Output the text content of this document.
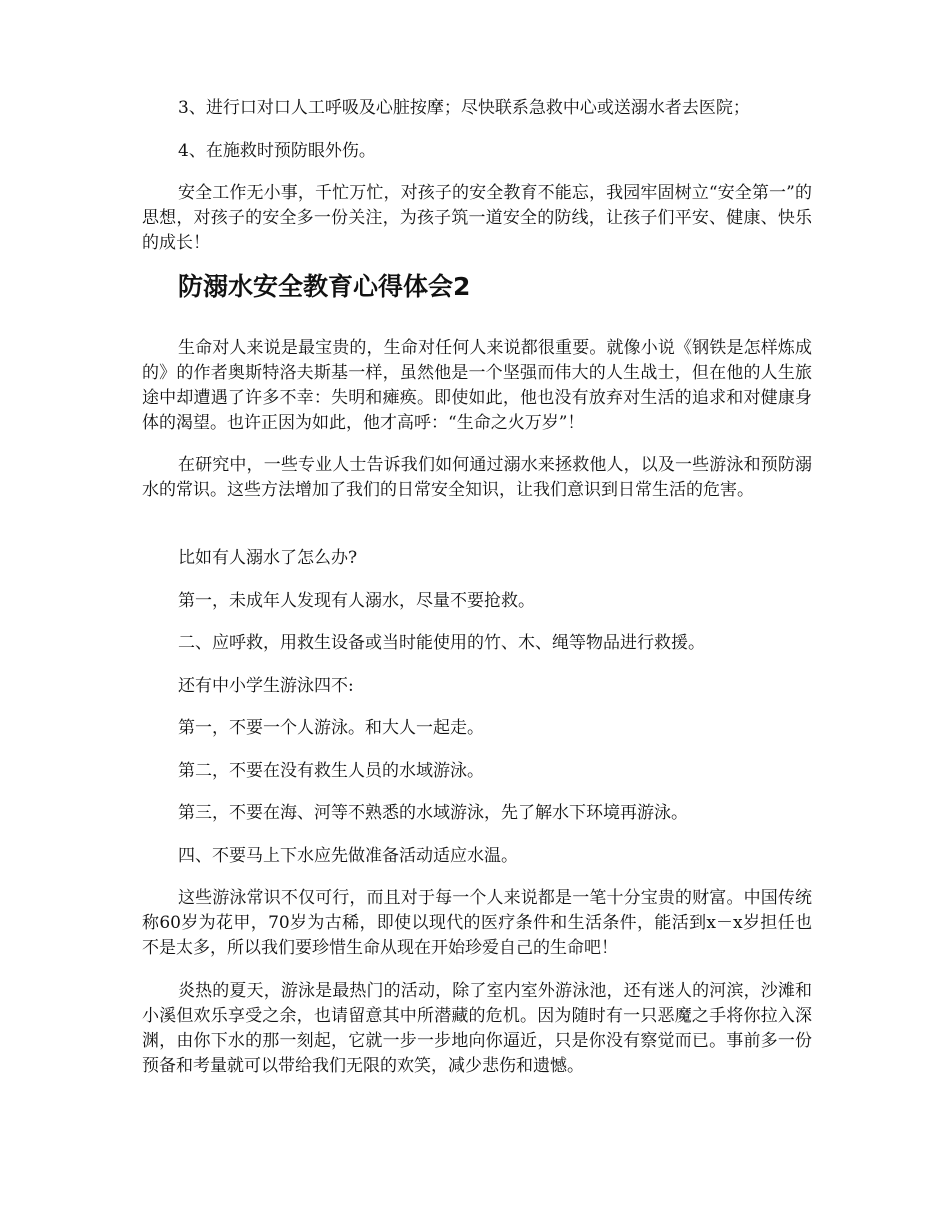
3、进行口对口人工呼吸及心脏按摩；尽快联系急救中心或送溺水者去医院；

4、在施救时预防眼外伤。

安全工作无小事，千忙万忙，对孩子的安全教育不能忘，我园牢固树立“安全第一”的思想，对孩子的安全多一份关注，为孩子筑一道安全的防线，让孩子们平安、健康、快乐的成长！

防溺水安全教育心得体会2

生命对人来说是最宝贵的，生命对任何人来说都很重要。就像小说《钢铁是怎样炼成的》的作者奥斯特洛夫斯基一样，虽然他是一个坚强而伟大的人生战士，但在他的人生旅途中却遭遇了许多不幸：失明和瘫痪。即使如此，他也没有放弃对生活的追求和对健康身体的渴望。也许正因为如此，他才高呼：“生命之火万岁”！

在研究中，一些专业人士告诉我们如何通过溺水来拯救他人，以及一些游泳和预防溺水的常识。这些方法增加了我们的日常安全知识，让我们意识到日常生活的危害。

比如有人溺水了怎么办?

第一，未成年人发现有人溺水，尽量不要抢救。

二、应呼救，用救生设备或当时能使用的竹、木、绳等物品进行救援。

还有中小学生游泳四不:

第一，不要一个人游泳。和大人一起走。

第二，不要在没有救生人员的水域游泳。

第三，不要在海、河等不熟悉的水域游泳，先了解水下环境再游泳。

四、不要马上下水应先做准备活动适应水温。

这些游泳常识不仅可行，而且对于每一个人来说都是一笔十分宝贵的财富。中国传统称60岁为花甲，70岁为古稀，即使以现代的医疗条件和生活条件，能活到x－x岁担任也不是太多，所以我们要珍惜生命从现在开始珍爱自己的生命吧！

炎热的夏天，游泳是最热门的活动，除了室内室外游泳池，还有迷人的河滨，沙滩和小溪但欢乐享受之余，也请留意其中所潜藏的危机。因为随时有一只恶魔之手将你拉入深渊，由你下水的那一刻起，它就一步一步地向你逼近，只是你没有察觉而已。事前多一份预备和考量就可以带给我们无限的欢笑，减少悲伤和遗憾。
